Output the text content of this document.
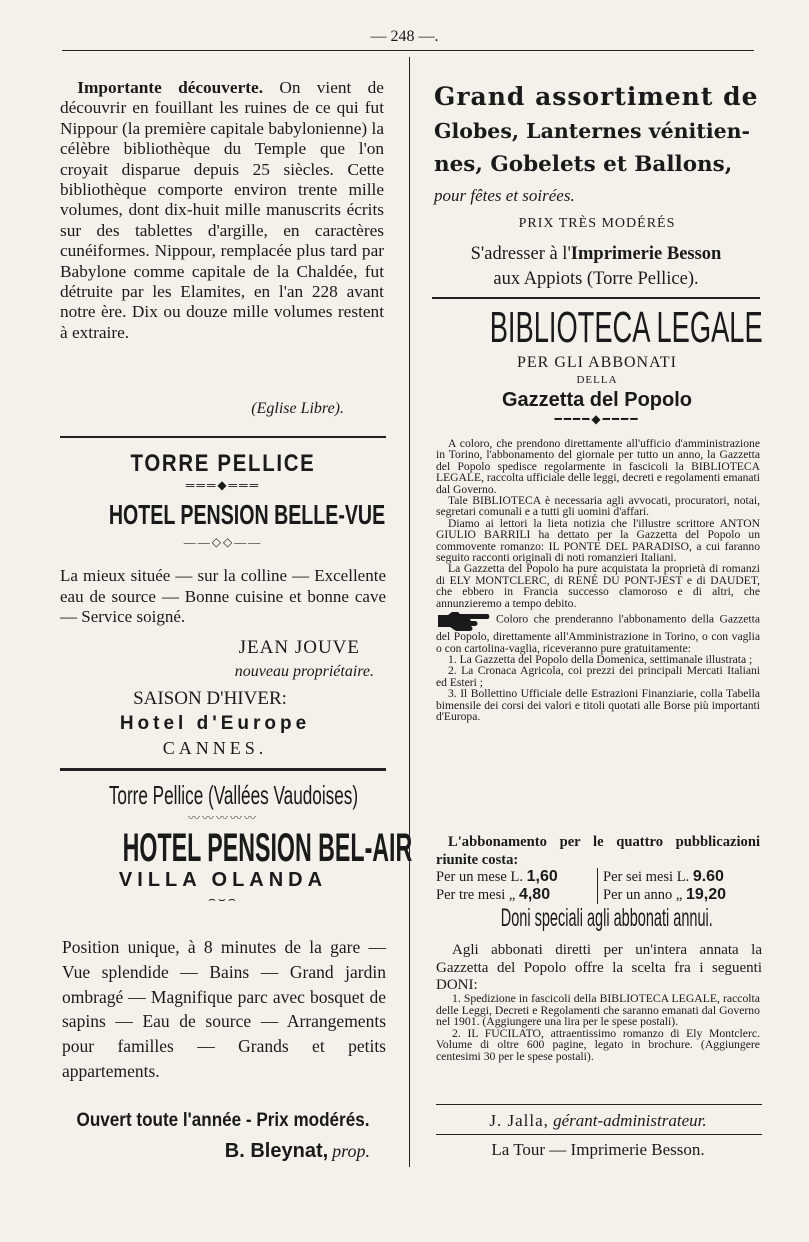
— 248 —.
 Importante découverte. On vient de découvrir en fouillant les ruines de ce qui fut Nippour (la première capitale babylonienne) la célèbre bibliothèque du Temple que l'on croyait disparue depuis 25 siècles. Cette bibliothèque comporte environ trente mille volumes, dont dix-huit mille manuscrits écrits sur des tablettes d'argille, en caractères cunéiformes. Nippour, remplacée plus tard par Babylone comme capitale de la Chaldée, fut détruite par les Elamites, en l'an 228 avant notre ère. Dix ou douze mille volumes restent à extraire.
(Eglise Libre).
TORRE PELLICE
═══◆═══
HOTEL PENSION BELLE-VUE
——◇◇——
La mieux située — sur la colline — Excellente eau de source — Bonne cuisine et bonne cave — Service soigné.
JEAN JOUVE
nouveau propriétaire.
SAISON D'HIVER:
Hotel d'Europe
CANNES.
Torre Pellice (Vallées Vaudoises)
〰〰〰〰〰
HOTEL PENSION BEL-AIR
VILLA OLANDA
⌢⌣⌢
Position unique, à 8 minutes de la gare — Vue splendide — Bains — Grand jardin ombragé — Magnifique parc avec bosquet de sapins — Eau de source — Arrangements pour familles — Grands et petits appartements.
Ouvert toute l'année - Prix modérés.
B. Bleynat, prop.
Grand assortiment de
Globes, Lanternes vénitien-
nes, Gobelets et Ballons,
pour fêtes et soirées.
PRIX TRÈS MODÉRÉS
S'adresser à l'Imprimerie Besson
aux Appiots (Torre Pellice).
BIBLIOTECA LEGALE
PER GLI ABBONATI
DELLA
Gazzetta del Popolo
━━━━◆━━━━

A coloro, che prendono direttamente all'ufficio d'amministrazione in Torino, l'abbonamento del giornale per tutto un anno, la Gazzetta del Popolo spedisce regolarmente in fascicoli la BIBLIOTECA LEGALE, raccolta ufficiale delle leggi, decreti e regolamenti emanati dal Governo.

Tale BIBLIOTECA è necessaria agli avvocati, procuratori, notai, segretari comunali e a tutti gli uomini d'affari.

Diamo ai lettori la lieta notizia che l'illustre scrittore ANTON GIULIO BARRILI ha dettato per la Gazzetta del Popolo un commovente romanzo: IL PONTE DEL PARADISO, a cui faranno seguito racconti originali di noti romanzieri Italiani.

La Gazzetta del Popolo ha pure acquistata la proprietà di romanzi di ELY MONTCLERC, di RENÉ DU PONT-JEST e di DAUDET, che ebbero in Francia successo clamoroso e di altri, che annunzieremo a tempo debito.

Coloro che prenderanno l'abbonamento della Gazzetta del Popolo, direttamente all'Amministrazione in Torino, o con vaglia o con cartolina-vaglia, riceveranno pure gratuitamente:

1. La Gazzetta del Popolo della Domenica, settimanale illustrata ;

2. La Cronaca Agricola, coi prezzi dei principali Mercati Italiani ed Esteri ;

3. Il Bollettino Ufficiale delle Estrazioni Finanziarie, colla Tabella bimensile dei corsi dei valori e titoli quotati alle Borse più importanti d'Europa.

L'abbonamento per le quattro pubblicazioni riunite costa:
Per un mese L. 1,60
Per tre mesi „ 4,80
Per sei mesi L. 9.60
Per un anno „ 19,20
Doni speciali agli abbonati annui.
Agli abbonati diretti per un'intera annata la Gazzetta del Popolo offre la scelta fra i seguenti DONI:

1. Spedizione in fascicoli della BIBLIOTECA LEGALE, raccolta delle Leggi, Decreti e Regolamenti che saranno emanati dal Governo nel 1901. (Aggiungere una lira per le spese postali).

2. IL FUCILATO, attraentissimo romanzo di Ely Montclerc. Volume di oltre 600 pagine, legato in brochure. (Aggiungere centesimi 30 per le spese postali).

J. Jalla, gérant-administrateur.
La Tour — Imprimerie Besson.
